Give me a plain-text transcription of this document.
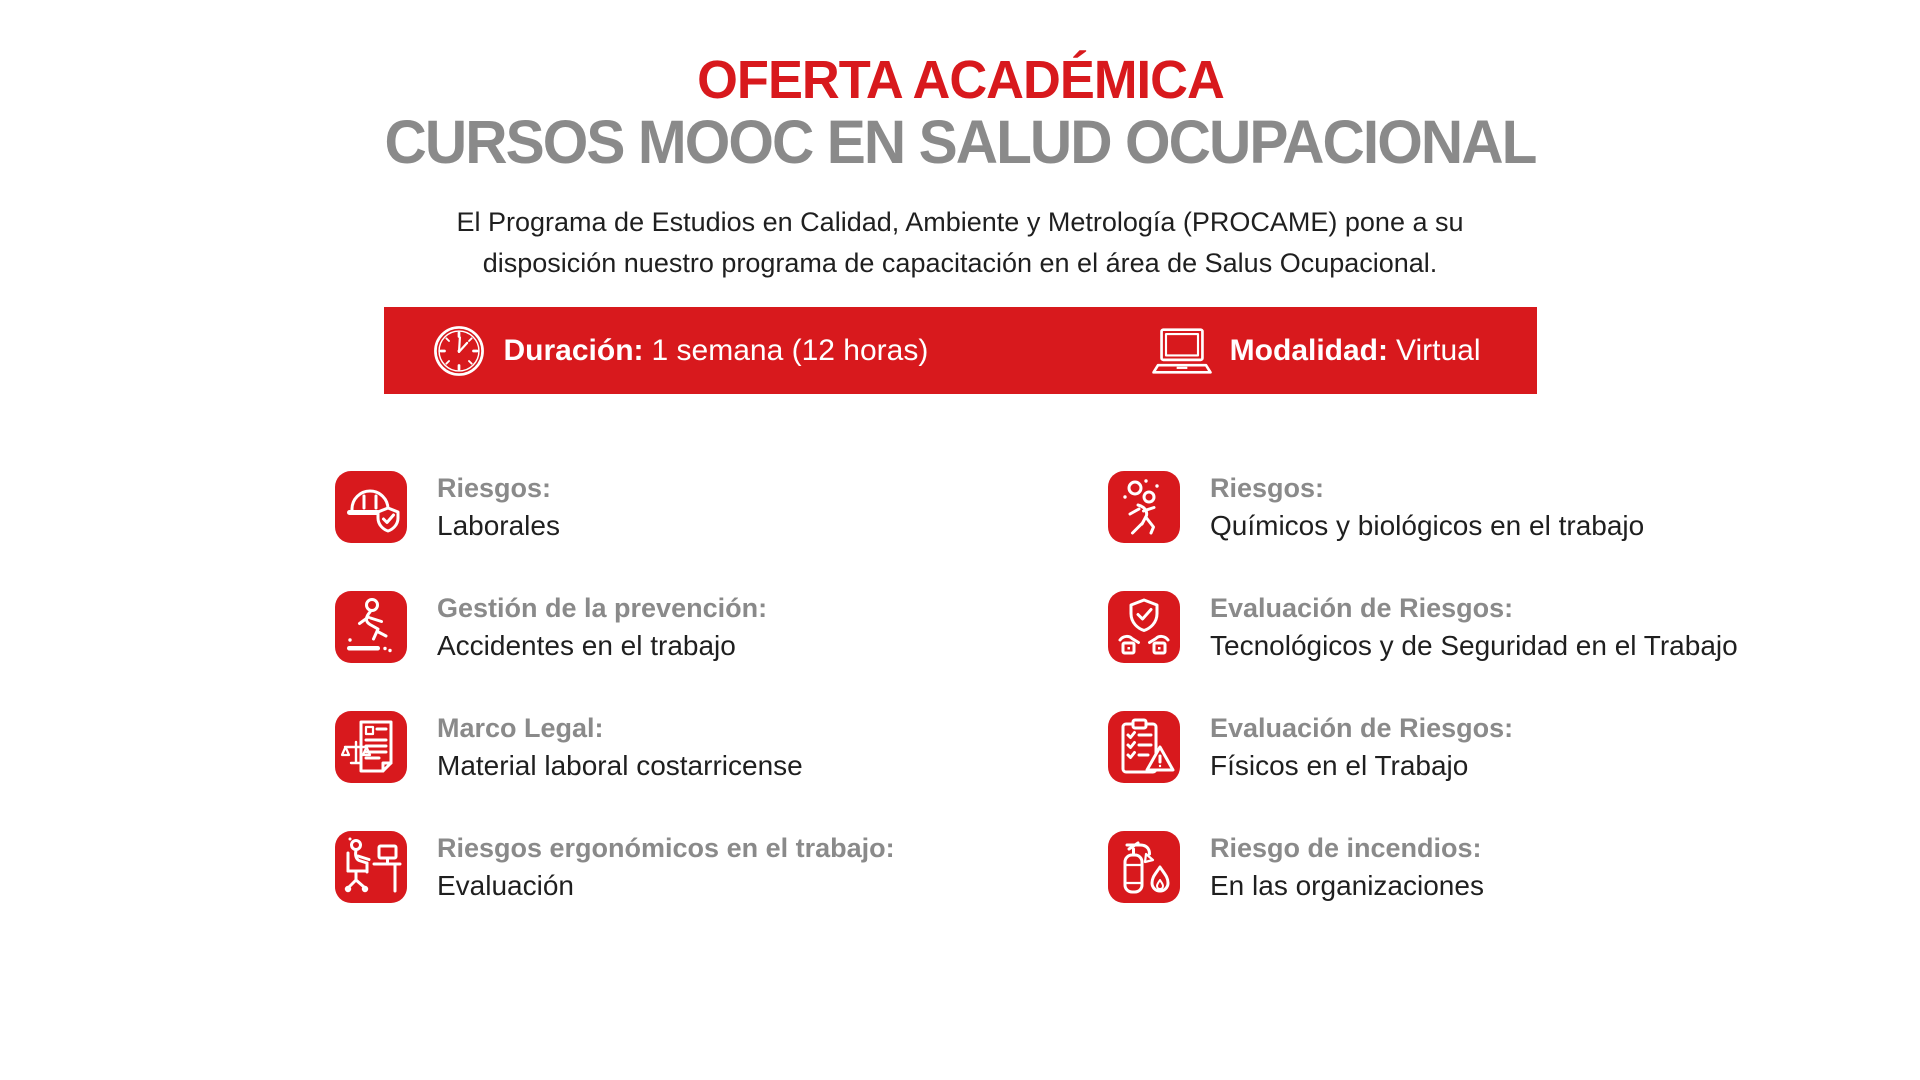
OFERTA ACADÉMICA
CURSOS MOOC EN SALUD OCUPACIONAL
El Programa de Estudios en Calidad, Ambiente y Metrología (PROCAME) pone a su
disposición nuestro programa de capacitación en el área de Salus Ocupacional.
Duración: 1 semana (12 horas)	Modalidad: Virtual
Riesgos:
Laborales
Riesgos:
Químicos y biológicos en el trabajo
Gestión de la prevención:
Accidentes en el trabajo
Evaluación de Riesgos:
Tecnológicos y de Seguridad en el Trabajo
Marco Legal:
Material laboral costarricense
Evaluación de Riesgos:
Físicos en el Trabajo
Riesgos ergonómicos en el trabajo:
Evaluación
Riesgo de incendios:
En las organizaciones
